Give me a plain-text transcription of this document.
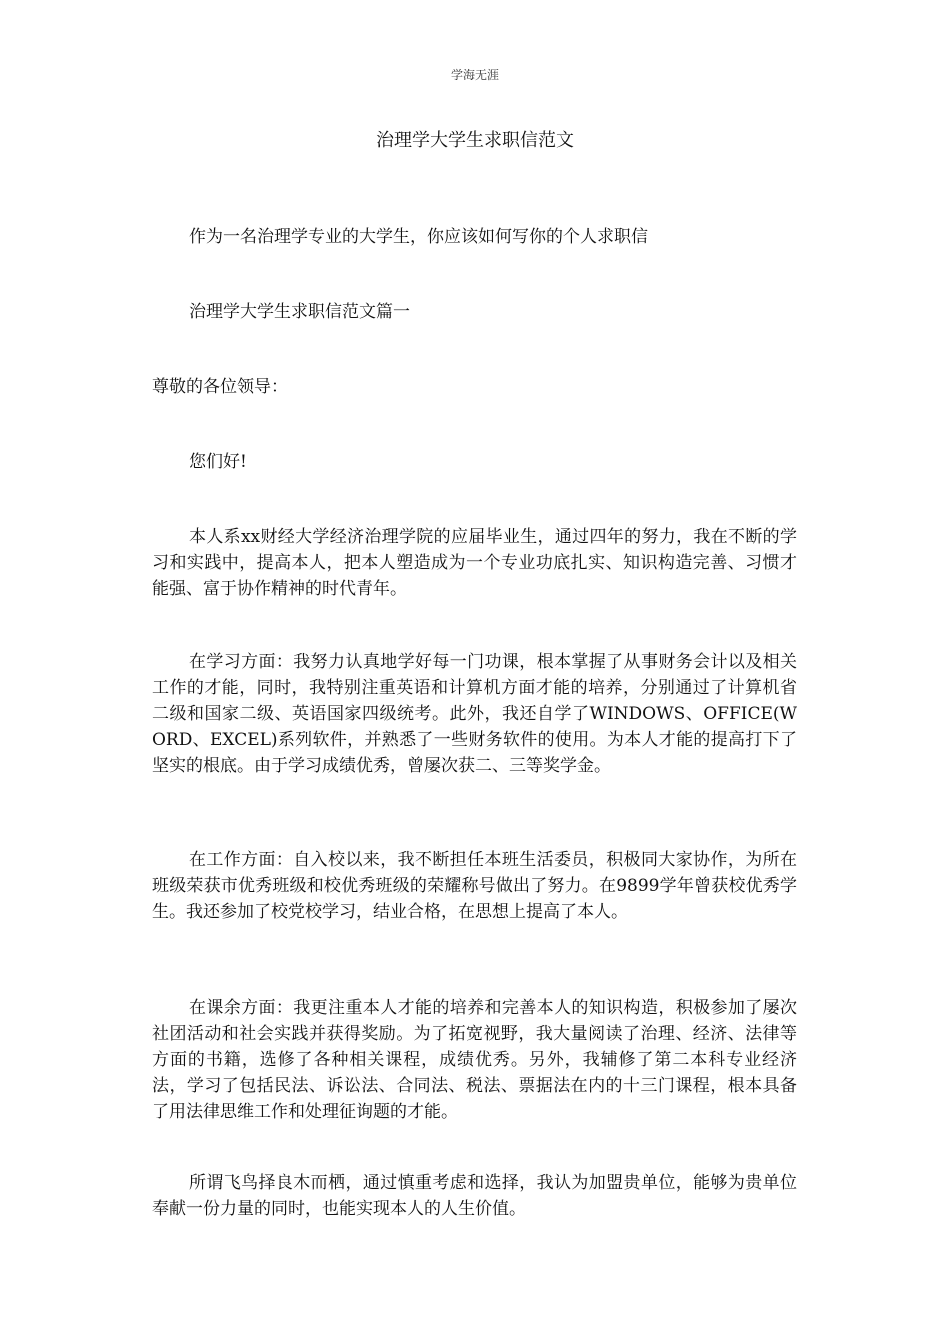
学海无涯
治理学大学生求职信范文

作为一名治理学专业的大学生，你应该如何写你的个人求职信

治理学大学生求职信范文篇一

尊敬的各位领导：

您们好!

本人系xx财经大学经济治理学院的应届毕业生，通过四年的努力，我在不断的学习和实践中，提高本人，把本人塑造成为一个专业功底扎实、知识构造完善、习惯才能强、富于协作精神的时代青年。

在学习方面：我努力认真地学好每一门功课，根本掌握了从事财务会计以及相关工作的才能，同时，我特别注重英语和计算机方面才能的培养，分别通过了计算机省二级和国家二级、英语国家四级统考。此外，我还自学了WINDOWS、OFFICE(WORD、EXCEL)系列软件，并熟悉了一些财务软件的使用。为本人才能的提高打下了坚实的根底。由于学习成绩优秀，曾屡次获二、三等奖学金。

在工作方面：自入校以来，我不断担任本班生活委员，积极同大家协作，为所在班级荣获市优秀班级和校优秀班级的荣耀称号做出了努力。在9899学年曾获校优秀学生。我还参加了校党校学习，结业合格，在思想上提高了本人。

在课余方面：我更注重本人才能的培养和完善本人的知识构造，积极参加了屡次社团活动和社会实践并获得奖励。为了拓宽视野，我大量阅读了治理、经济、法律等方面的书籍，选修了各种相关课程，成绩优秀。另外，我辅修了第二本科专业经济法，学习了包括民法、诉讼法、合同法、税法、票据法在内的十三门课程，根本具备了用法律思维工作和处理征询题的才能。

所谓飞鸟择良木而栖，通过慎重考虑和选择，我认为加盟贵单位，能够为贵单位奉献一份力量的同时，也能实现本人的人生价值。
